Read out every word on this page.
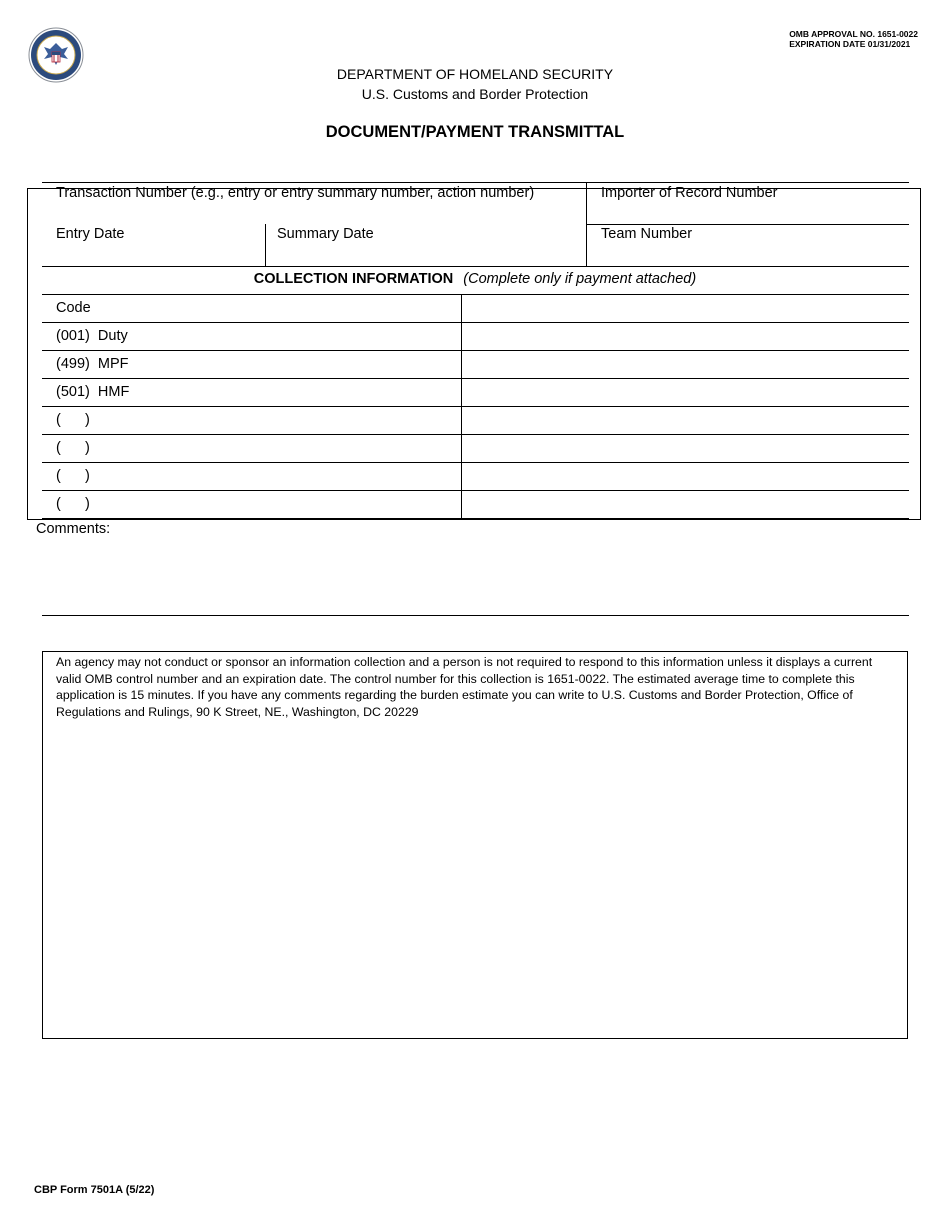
OMB APPROVAL NO. 1651-0022
EXPIRATION DATE 01/31/2021
DEPARTMENT OF HOMELAND SECURITY
U.S. Customs and Border Protection
DOCUMENT/PAYMENT TRANSMITTAL
Transaction Number (e.g., entry or entry summary number, action number)	Importer of Record Number
Entry Date	Summary Date	Team Number
COLLECTION INFORMATION (Complete only if payment attached)
Code
(001)  Duty
(499)  MPF
(501)  HMF
(      )
(      )
(      )
(      )
Comments:
An agency may not conduct or sponsor an information collection and a person is not required to respond to this information unless it displays a current valid OMB control number and an expiration date. The control number for this collection is 1651-0022. The estimated average time to complete this application is 15 minutes. If you have any comments regarding the burden estimate you can write to U.S. Customs and Border Protection, Office of Regulations and Rulings, 90 K Street, NE., Washington, DC 20229
CBP Form 7501A (5/22)
